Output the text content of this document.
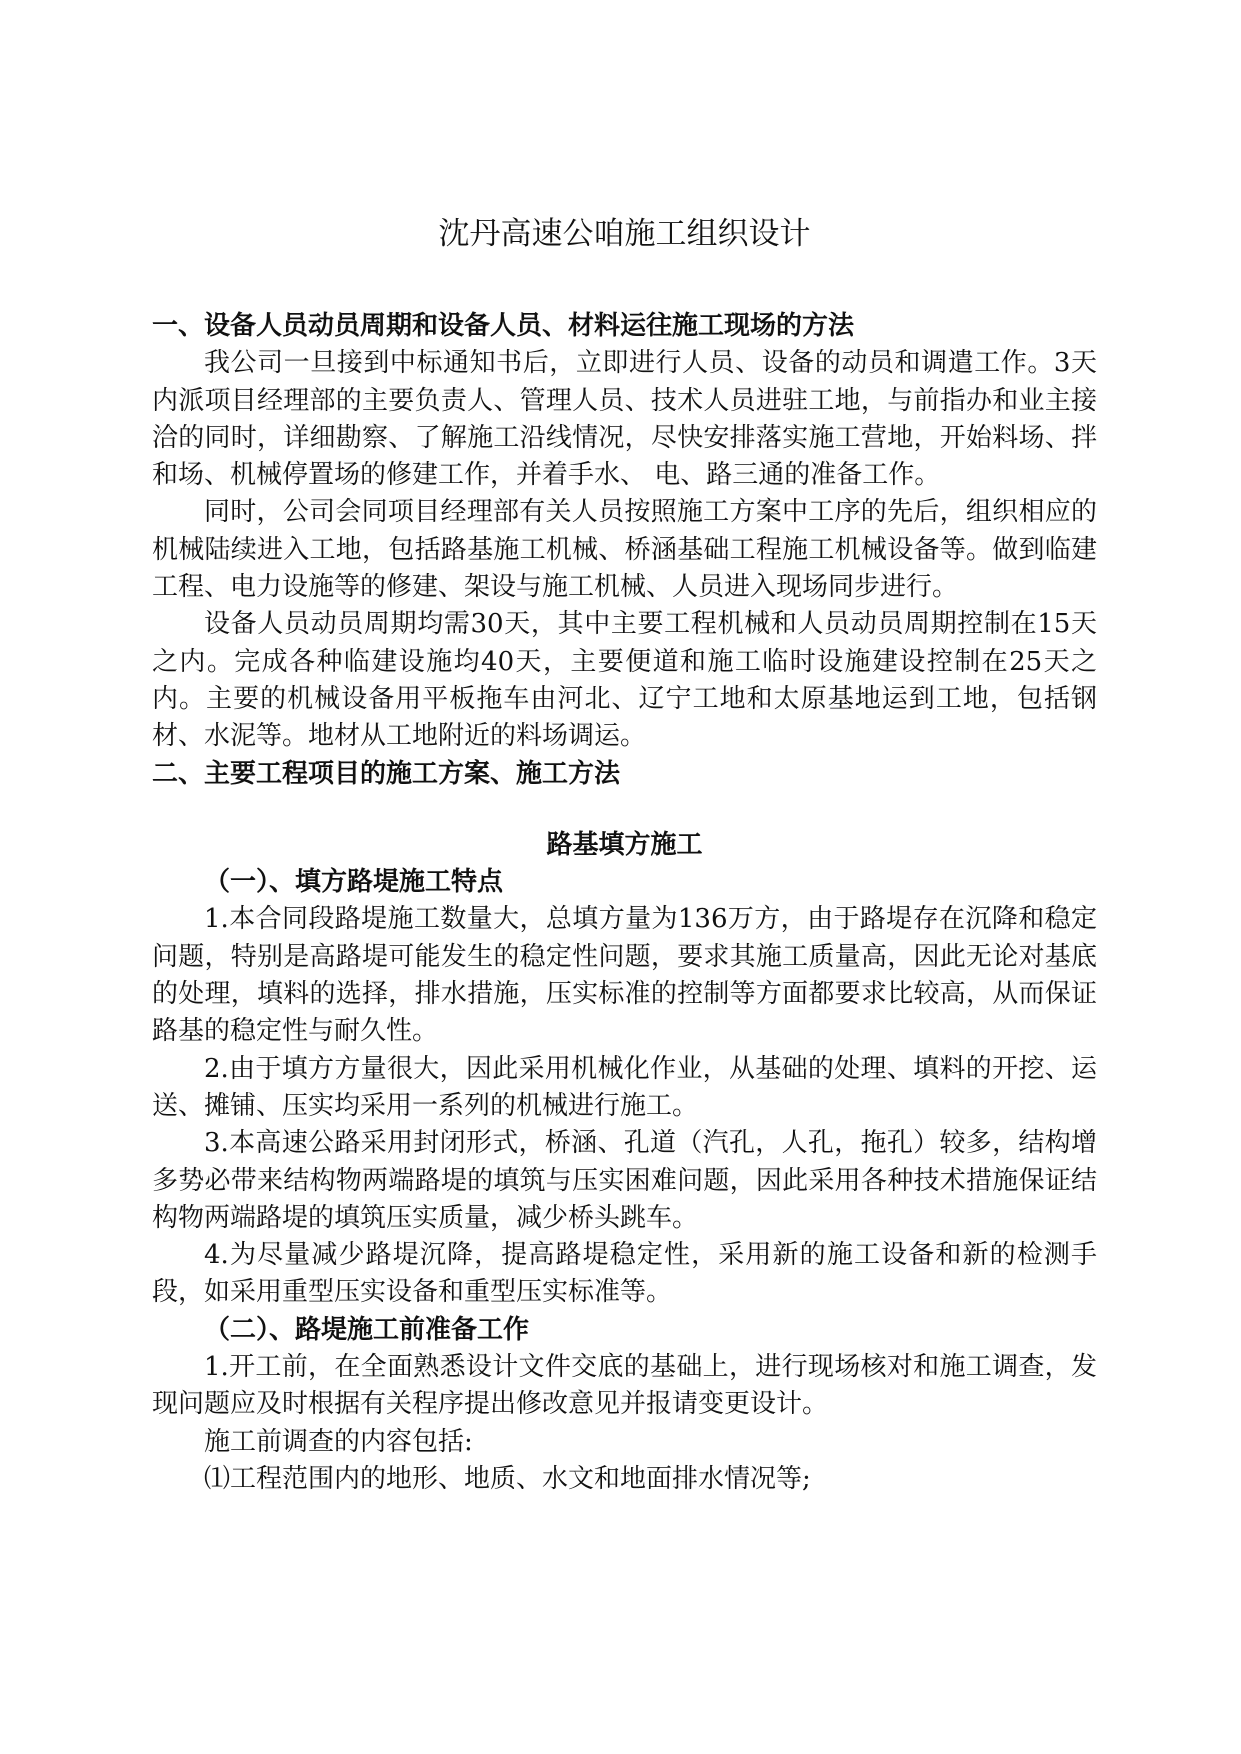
沈丹高速公咱施工组织设计
一、设备人员动员周期和设备人员、材料运往施工现场的方法

我公司一旦接到中标通知书后，立即进行人员、设备的动员和调遣工作。3天内派项目经理部的主要负责人、管理人员、技术人员进驻工地，与前指办和业主接洽的同时，详细勘察、了解施工沿线情况，尽快安排落实施工营地，开始料场、拌和场、机械停置场的修建工作，并着手水、 电、路三通的准备工作。

同时，公司会同项目经理部有关人员按照施工方案中工序的先后，组织相应的机械陆续进入工地，包括路基施工机械、桥涵基础工程施工机械设备等。做到临建工程、电力设施等的修建、架设与施工机械、人员进入现场同步进行。

设备人员动员周期均需30天，其中主要工程机械和人员动员周期控制在15天之内。完成各种临建设施均40天，主要便道和施工临时设施建设控制在25天之内。主要的机械设备用平板拖车由河北、辽宁工地和太原基地运到工地，包括钢材、水泥等。地材从工地附近的料场调运。

二、主要工程项目的施工方案、施工方法
路基填方施工
（一）、填方路堤施工特点

1.本合同段路堤施工数量大，总填方量为136万方，由于路堤存在沉降和稳定问题，特别是高路堤可能发生的稳定性问题，要求其施工质量高，因此无论对基底的处理，填料的选择，排水措施，压实标准的控制等方面都要求比较高，从而保证路基的稳定性与耐久性。

2.由于填方方量很大，因此采用机械化作业，从基础的处理、填料的开挖、运送、摊铺、压实均采用一系列的机械进行施工。

3.本高速公路采用封闭形式，桥涵、孔道（汽孔，人孔，拖孔）较多，结构增多势必带来结构物两端路堤的填筑与压实困难问题，因此采用各种技术措施保证结构物两端路堤的填筑压实质量，减少桥头跳车。

4.为尽量减少路堤沉降，提高路堤稳定性，采用新的施工设备和新的检测手段，如采用重型压实设备和重型压实标准等。

（二）、路堤施工前准备工作

1.开工前，在全面熟悉设计文件交底的基础上，进行现场核对和施工调查，发现问题应及时根据有关程序提出修改意见并报请变更设计。

施工前调查的内容包括:

⑴工程范围内的地形、地质、水文和地面排水情况等;
